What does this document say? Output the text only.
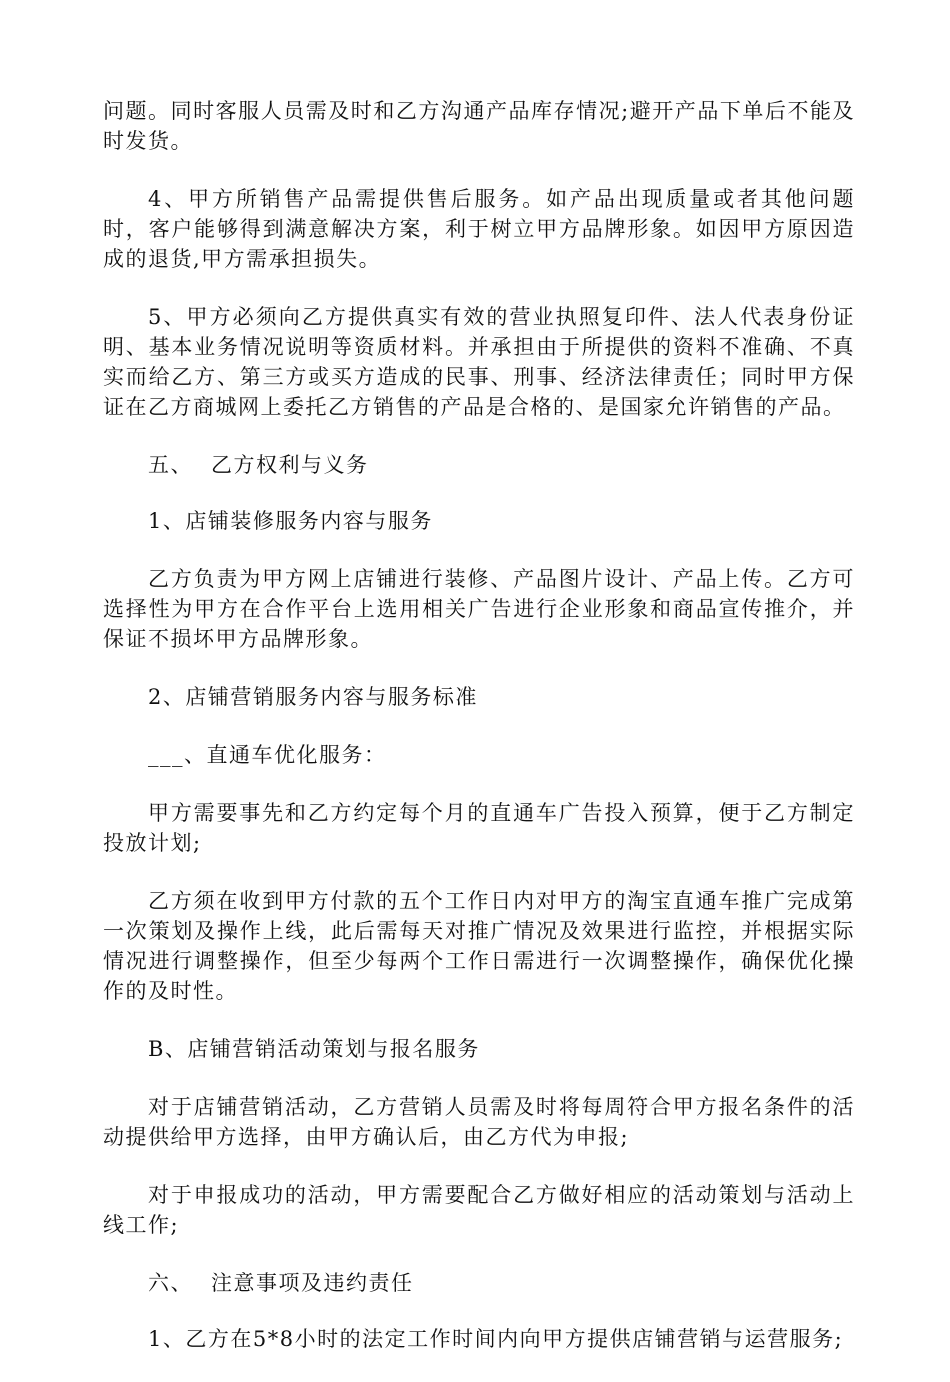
问题。同时客服人员需及时和乙方沟通产品库存情况;避开产品下单后不能及时发货。

4、甲方所销售产品需提供售后服务。如产品出现质量或者其他问题时，客户能够得到满意解决方案，利于树立甲方品牌形象。如因甲方原因造成的退货,甲方需承担损失。

5、甲方必须向乙方提供真实有效的营业执照复印件、法人代表身份证明、基本业务情况说明等资质材料。并承担由于所提供的资料不准确、不真实而给乙方、第三方或买方造成的民事、刑事、经济法律责任；同时甲方保证在乙方商城网上委托乙方销售的产品是合格的、是国家允许销售的产品。

五、 乙方权利与义务

1、店铺装修服务内容与服务

乙方负责为甲方网上店铺进行装修、产品图片设计、产品上传。乙方可选择性为甲方在合作平台上选用相关广告进行企业形象和商品宣传推介，并保证不损坏甲方品牌形象。

2、店铺营销服务内容与服务标准

___、直通车优化服务：

甲方需要事先和乙方约定每个月的直通车广告投入预算，便于乙方制定投放计划;

乙方须在收到甲方付款的五个工作日内对甲方的淘宝直通车推广完成第一次策划及操作上线，此后需每天对推广情况及效果进行监控，并根据实际情况进行调整操作，但至少每两个工作日需进行一次调整操作，确保优化操作的及时性。

B、店铺营销活动策划与报名服务

对于店铺营销活动，乙方营销人员需及时将每周符合甲方报名条件的活动提供给甲方选择，由甲方确认后，由乙方代为申报;

对于申报成功的活动，甲方需要配合乙方做好相应的活动策划与活动上线工作;

六、 注意事项及违约责任

1、乙方在5*8小时的法定工作时间内向甲方提供店铺营销与运营服务;
